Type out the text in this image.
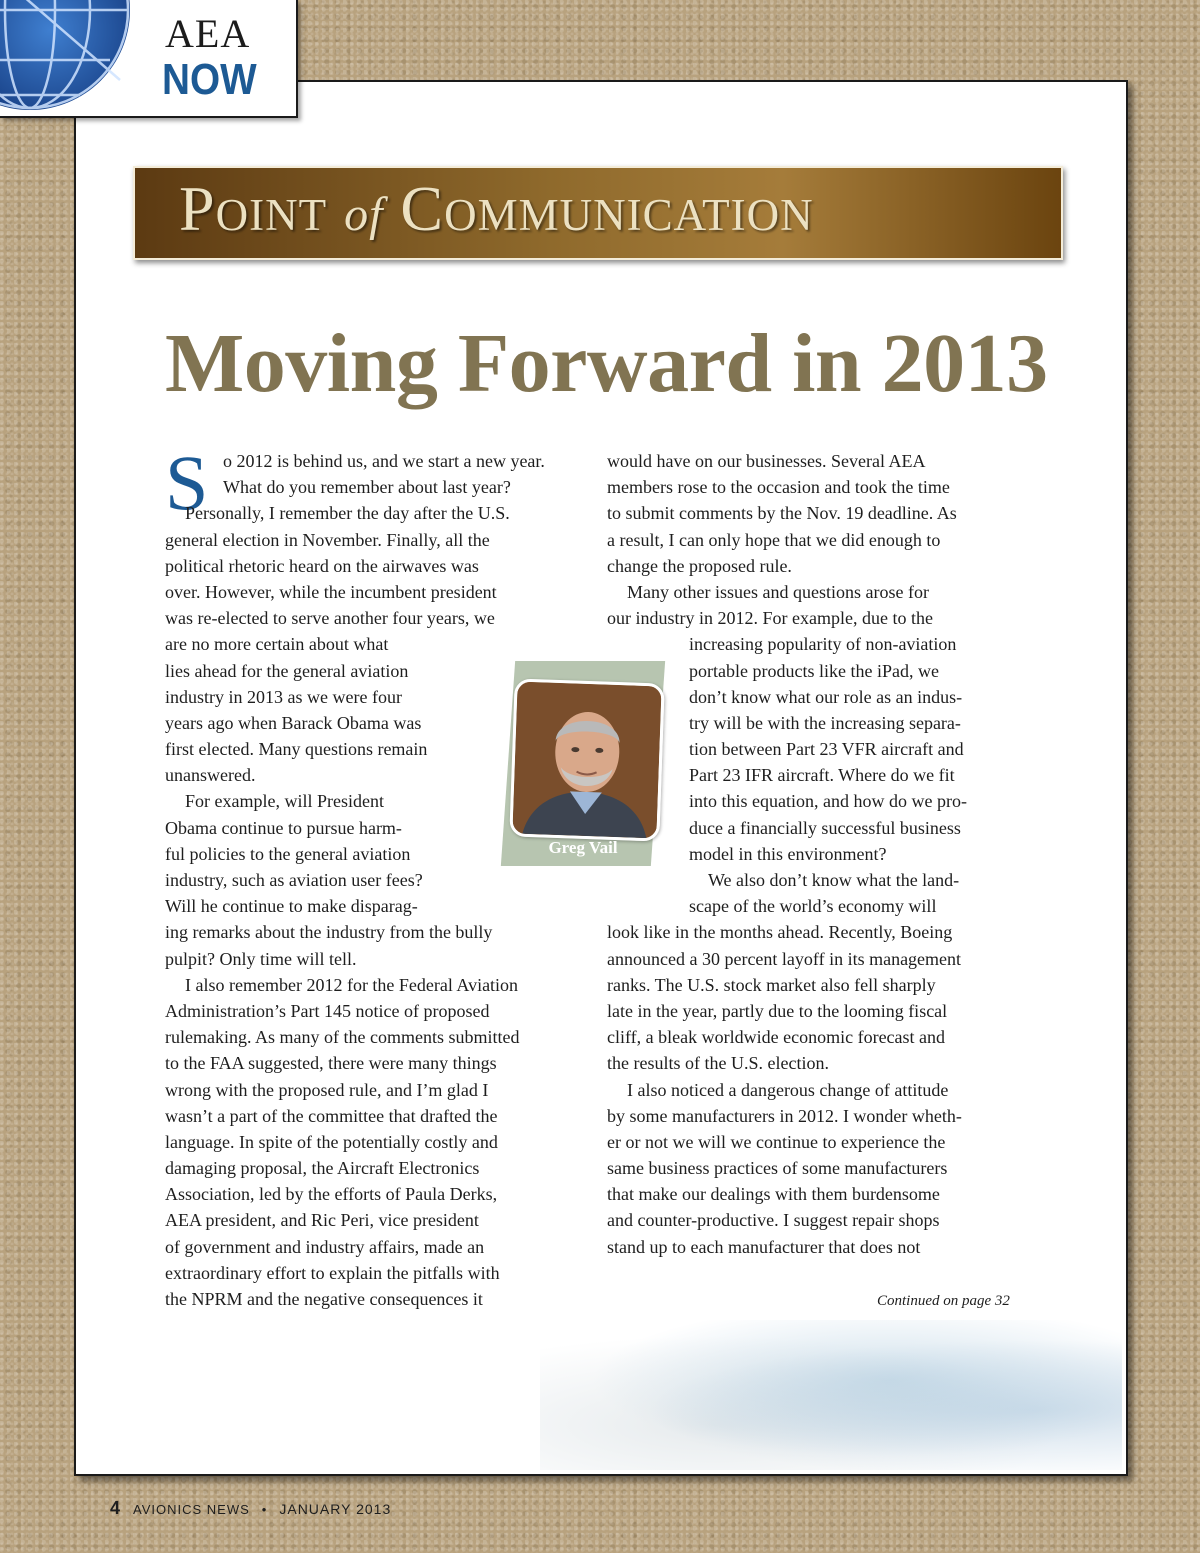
AEA
NOW
Point of Communication
Moving Forward in 2013
S o 2012 is behind us, and we start a new year.
What do you remember about last year?
Personally, I remember the day after the U.S.
general election in November. Finally, all the
political rhetoric heard on the airwaves was
over. However, while the incumbent president
was re-elected to serve another four years, we
are no more certain about what
lies ahead for the general aviation
industry in 2013 as we were four
years ago when Barack Obama was
first elected. Many questions remain
unanswered.
For example, will President
Obama continue to pursue harm-
ful policies to the general aviation
industry, such as aviation user fees?
Will he continue to make disparag-
ing remarks about the industry from the bully
pulpit? Only time will tell.
I also remember 2012 for the Federal Aviation
Administration’s Part 145 notice of proposed
rulemaking. As many of the comments submitted
to the FAA suggested, there were many things
wrong with the proposed rule, and I’m glad I
wasn’t a part of the committee that drafted the
language. In spite of the potentially costly and
damaging proposal, the Aircraft Electronics
Association, led by the efforts of Paula Derks,
AEA president, and Ric Peri, vice president
of government and industry affairs, made an
extraordinary effort to explain the pitfalls with
the NPRM and the negative consequences it
would have on our businesses. Several AEA
members rose to the occasion and took the time
to submit comments by the Nov. 19 deadline. As
a result, I can only hope that we did enough to
change the proposed rule.
Many other issues and questions arose for
our industry in 2012. For example, due to the
increasing popularity of non-aviation
portable products like the iPad, we
don’t know what our role as an indus-
try will be with the increasing separa-
tion between Part 23 VFR aircraft and
Part 23 IFR aircraft. Where do we fit
into this equation, and how do we pro-
duce a financially successful business
model in this environment?
We also don’t know what the land-
scape of the world’s economy will
look like in the months ahead. Recently, Boeing
announced a 30 percent layoff in its management
ranks. The U.S. stock market also fell sharply
late in the year, partly due to the looming fiscal
cliff, a bleak worldwide economic forecast and
the results of the U.S. election.
I also noticed a dangerous change of attitude
by some manufacturers in 2012. I wonder wheth-
er or not we will we continue to experience the
same business practices of some manufacturers
that make our dealings with them burdensome
and counter-productive. I suggest repair shops
stand up to each manufacturer that does not
Greg Vail
Continued on page 32
4 AVIONICS NEWS • JANUARY 2013
